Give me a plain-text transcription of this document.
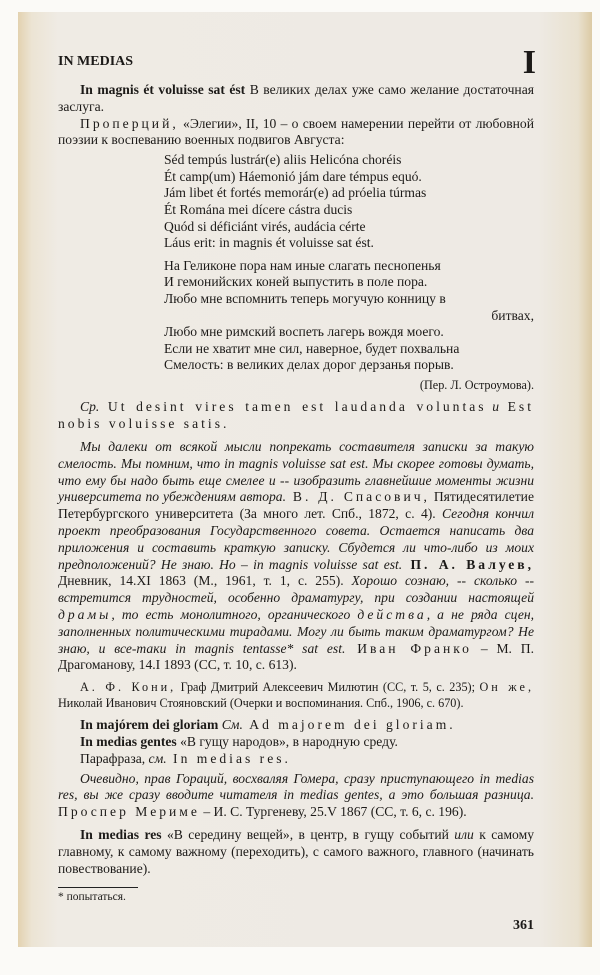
IN MEDIAS	I
In magnis ét voluisse sat ést В великих делах уже само желание достаточная заслуга.
Проперций, «Элегии», II, 10 – о своем намерении перейти от любовной поэзии к воспеванию военных подвигов Августа:
Séd tempús lustrár(e) aliis Helicóna choréis
Ét camp(um) Háemonió jám dare témpus equó.
Jám libet ét fortés memorár(e) ad próelia túrmas
Ét Romána mei dícere cástra ducis
Quód si déficiánt virés, audácia cérte
Láus erit: in magnis ét voluisse sat ést.
На Геликоне пора нам иные слагать песнопенья
И гемонийских коней выпустить в поле пора.
Любо мне вспомнить теперь могучую конницу в
битвах,
Любо мне римский воспеть лагерь вождя моего.
Если не хватит мне сил, наверное, будет похвальна
Смелость: в великих делах дорог дерзанья порыв.
(Пер. Л. Остроумова).
Ср. Ut desint vires tamen est laudanda voluntas и Est nobis voluisse satis.
Мы далеки от всякой мысли попрекать составителя записки за такую смелость. Мы помним, что in magnis voluisse sat est. Мы скорее готовы думать, что ему бы надо быть еще смелее и -- изобразить главнейшие моменты жизни университета по убеждениям автора. В. Д. Спасович, Пятидесятилетие Петербургского университета (За много лет. Спб., 1872, с. 4). Сегодня кончил проект преобразования Государственного совета. Остается написать два приложения и составить краткую записку. Сбудется ли что-либо из моих предположений? Не знаю. Но – in magnis voluisse sat est. П. А. Валуев, Дневник, 14.XI 1863 (М., 1961, т. 1, с. 255). Хорошо сознаю, -- сколько -- встретится трудностей, особенно драматургу, при создании настоящей драмы, то есть монолитного, органического действа, а не ряда сцен, заполненных политическими тирадами. Могу ли быть таким драматургом? Не знаю, и все-таки in magnis tentasse* sat est. Иван Франко – М. П. Драгоманову, 14.I 1893 (СС, т. 10, с. 613).
А. Ф. Кони, Граф Дмитрий Алексеевич Милютин (СС, т. 5, с. 235); Он же, Николай Иванович Стояновский (Очерки и воспоминания. Спб., 1906, с. 670).
In majórem dei gloriam См. Ad majorem dei gloriam.
In medias gentes «В гущу народов», в народную среду.
Парафраза, см. In medias res.
Очевидно, прав Гораций, восхваляя Гомера, сразу приступающего in medias res, вы же сразу вводите читателя in medias gentes, а это большая разница. Проспер Мериме – И. С. Тургеневу, 25.V 1867 (СС, т. 6, с. 196).
In medias res «В середину вещей», в центр, в гущу событий или к самому главному, к самому важному (переходить), с самого важного, главного (начинать повествование).
* попытаться.
361
